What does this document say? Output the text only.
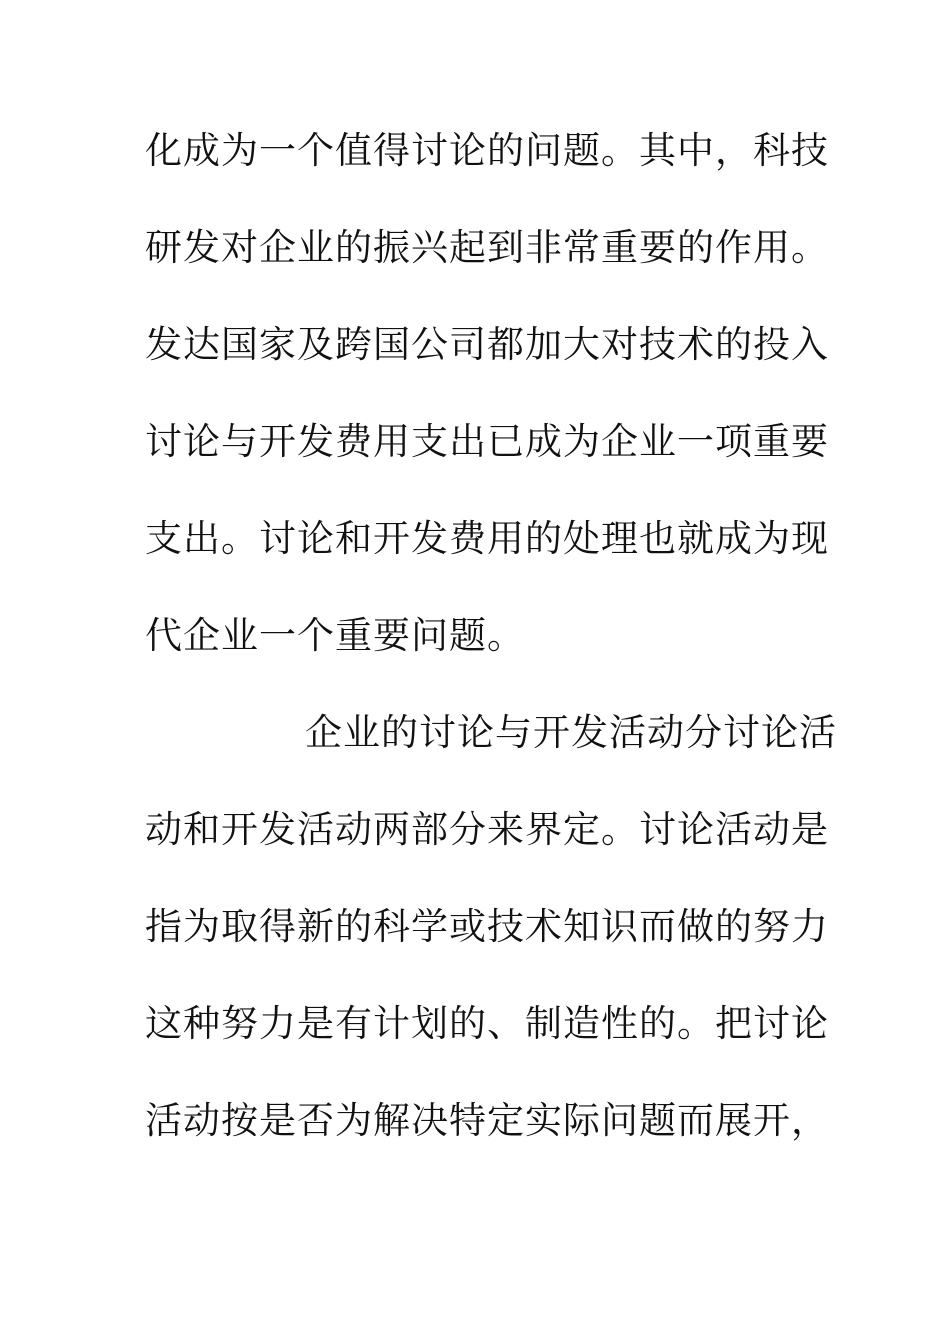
化成为一个值得讨论的问题。其中，科技
研发对企业的振兴起到非常重要的作用。
发达国家及跨国公司都加大对技术的投入
讨论与开发费用支出已成为企业一项重要
支出。讨论和开发费用的处理也就成为现
代企业一个重要问题。
企业的讨论与开发活动分讨论活
动和开发活动两部分来界定。讨论活动是
指为取得新的科学或技术知识而做的努力
这种努力是有计划的、制造性的。把讨论
活动按是否为解决特定实际问题而展开，
